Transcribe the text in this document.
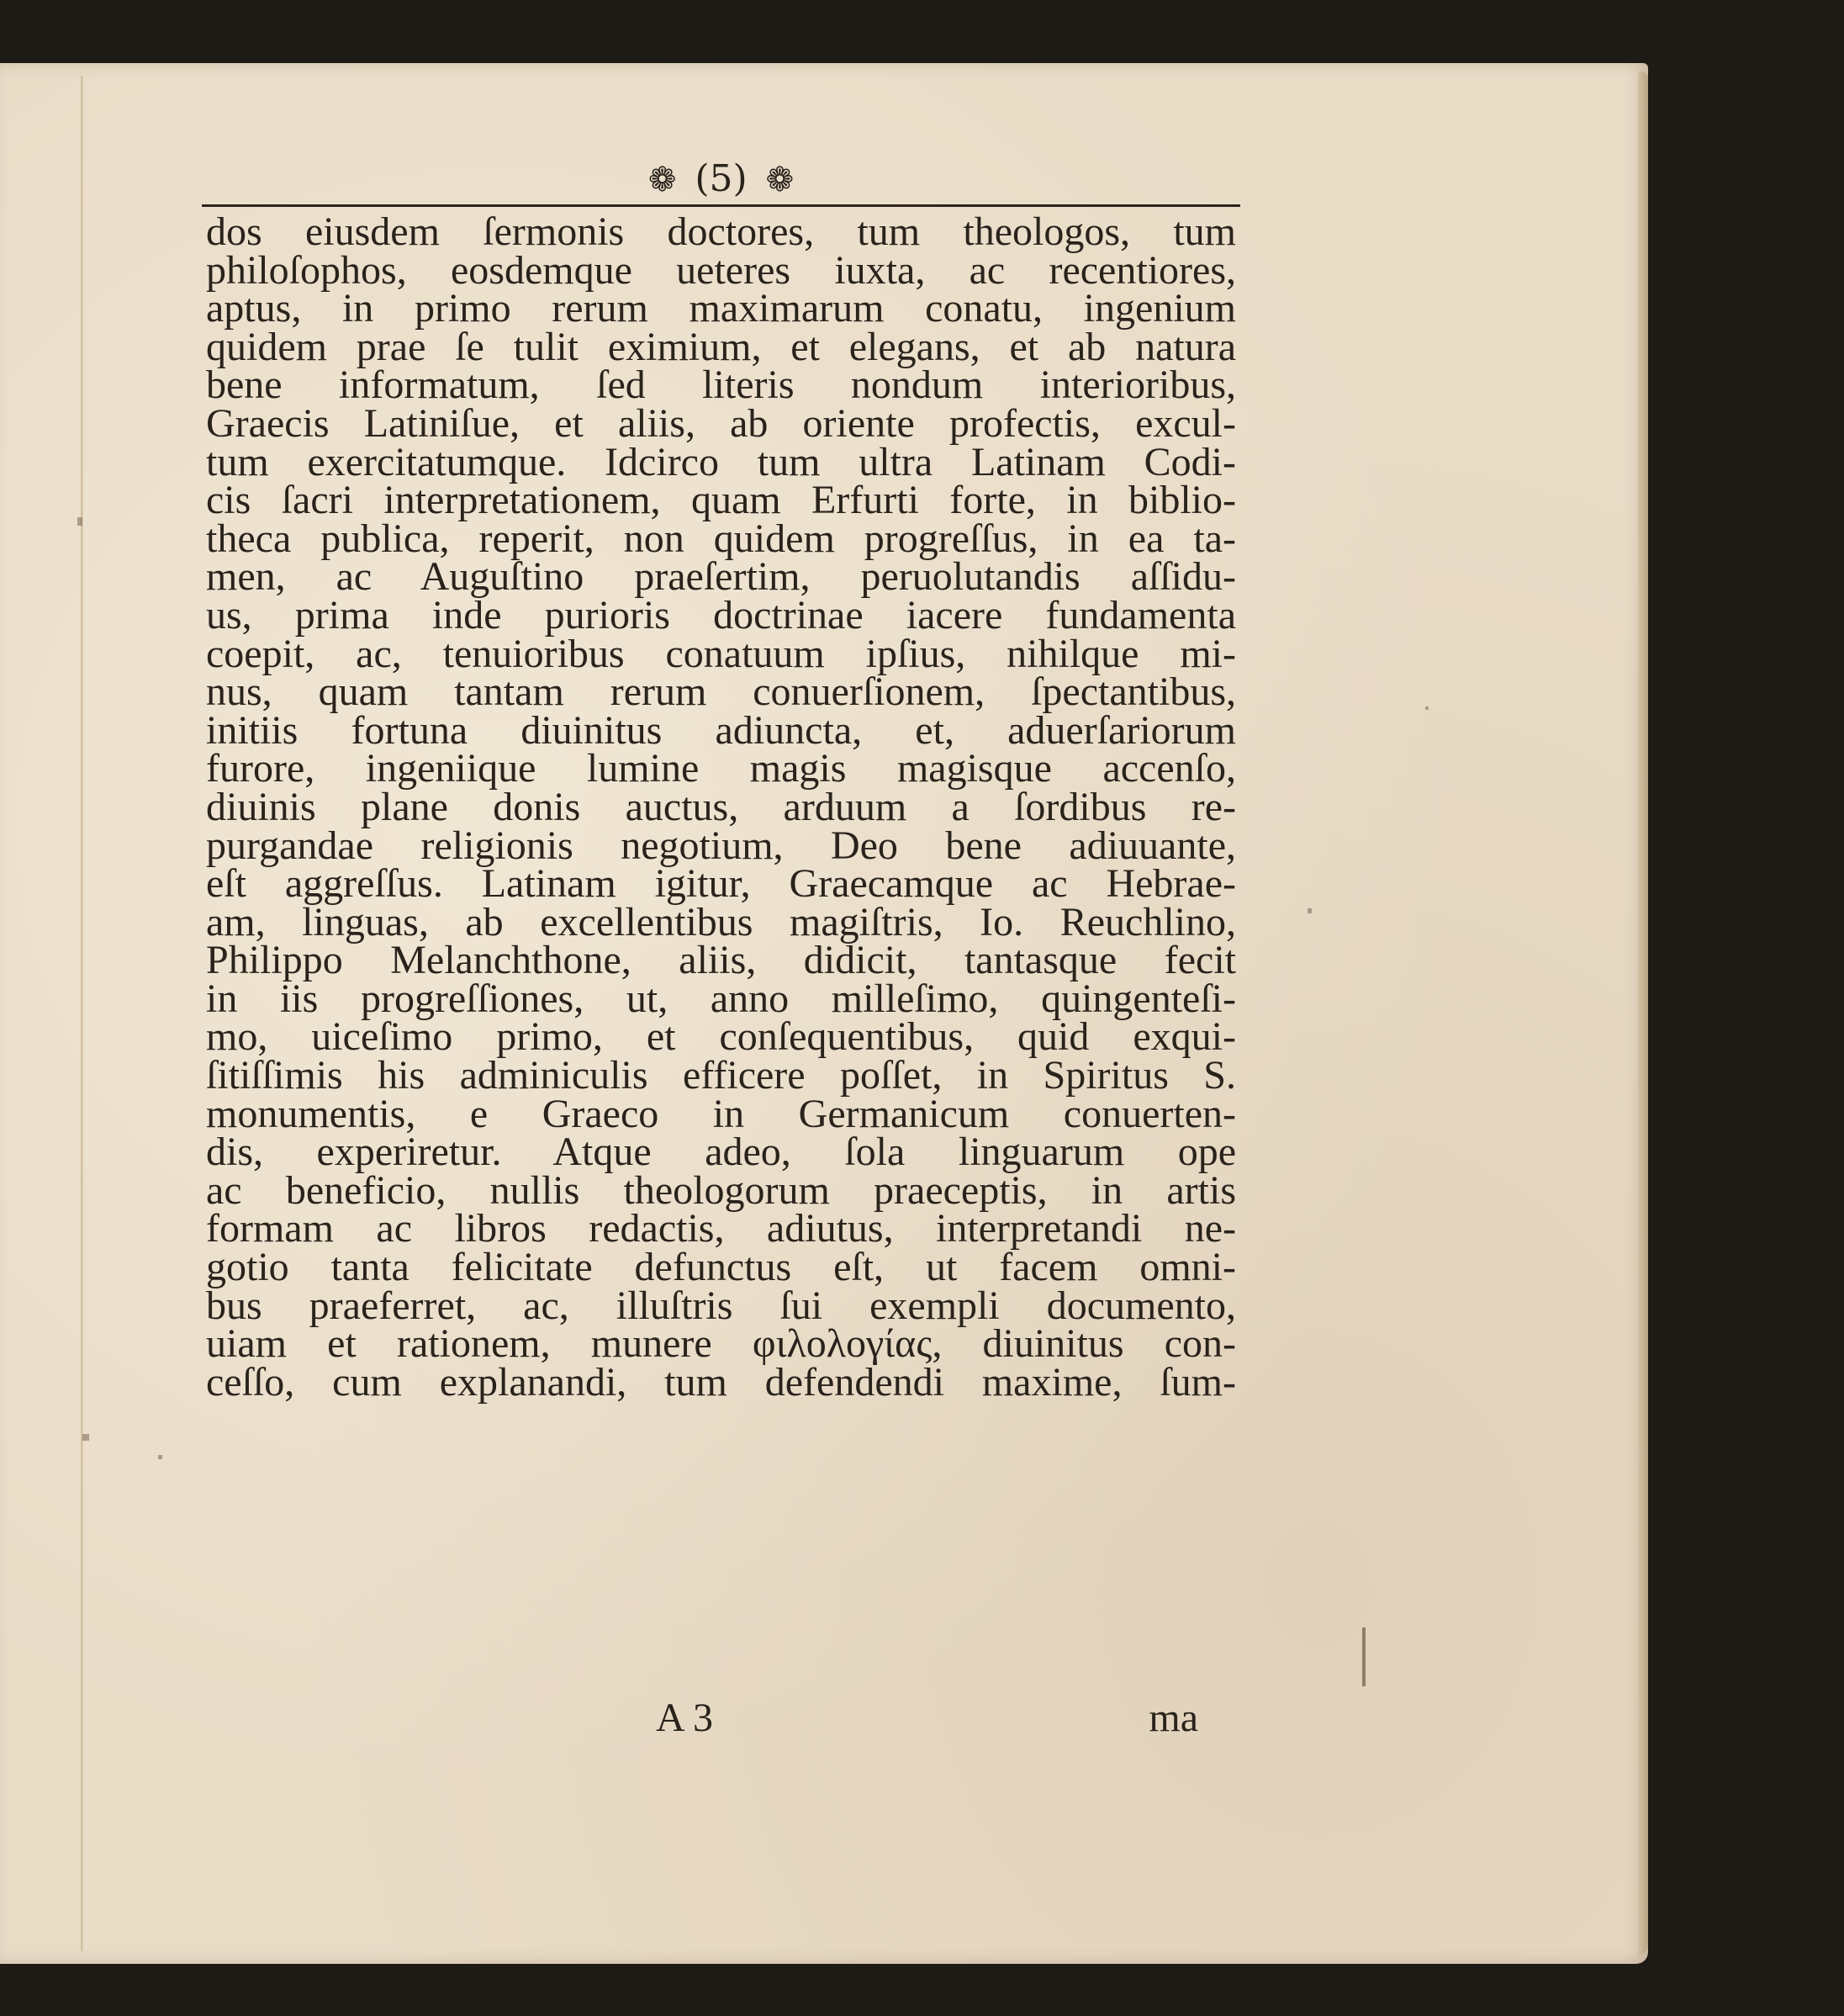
❁ (5) ❁
dos eiusdem ſermonis doctores, tum theologos, tum
philoſophos, eosdemque ueteres iuxta, ac recentiores,
aptus, in primo rerum maximarum conatu, ingenium
quidem prae ſe tulit eximium, et elegans, et ab natura
bene informatum, ſed literis nondum interioribus,
Graecis Latiniſue, et aliis, ab oriente profectis, excul-
tum exercitatumque. Idcirco tum ultra Latinam Codi-
cis ſacri interpretationem, quam Erfurti forte, in biblio-
theca publica, reperit, non quidem progreſſus, in ea ta-
men, ac Auguſtino praeſertim, peruolutandis aſſidu-
us, prima inde purioris doctrinae iacere fundamenta
coepit, ac, tenuioribus conatuum ipſius, nihilque mi-
nus, quam tantam rerum conuerſionem, ſpectantibus,
initiis fortuna diuinitus adiuncta, et, aduerſariorum
furore, ingeniique lumine magis magisque accenſo,
diuinis plane donis auctus, arduum a ſordibus re-
purgandae religionis negotium, Deo bene adiuuante,
eſt aggreſſus. Latinam igitur, Graecamque ac Hebrae-
am, linguas, ab excellentibus magiſtris, Io. Reuchlino,
Philippo Melanchthone, aliis, didicit, tantasque fecit
in iis progreſſiones, ut, anno milleſimo, quingenteſi-
mo, uiceſimo primo, et conſequentibus, quid exqui-
ſitiſſimis his adminiculis efficere poſſet, in Spiritus S.
monumentis, e Graeco in Germanicum conuerten-
dis, experiretur. Atque adeo, ſola linguarum ope
ac beneficio, nullis theologorum praeceptis, in artis
formam ac libros redactis, adiutus, interpretandi ne-
gotio tanta felicitate defunctus eſt, ut facem omni-
bus praeferret, ac, illuſtris ſui exempli documento,
uiam et rationem, munere φιλολογίας, diuinitus con-
ceſſo, cum explanandi, tum defendendi maxime, ſum-
A 3	ma
